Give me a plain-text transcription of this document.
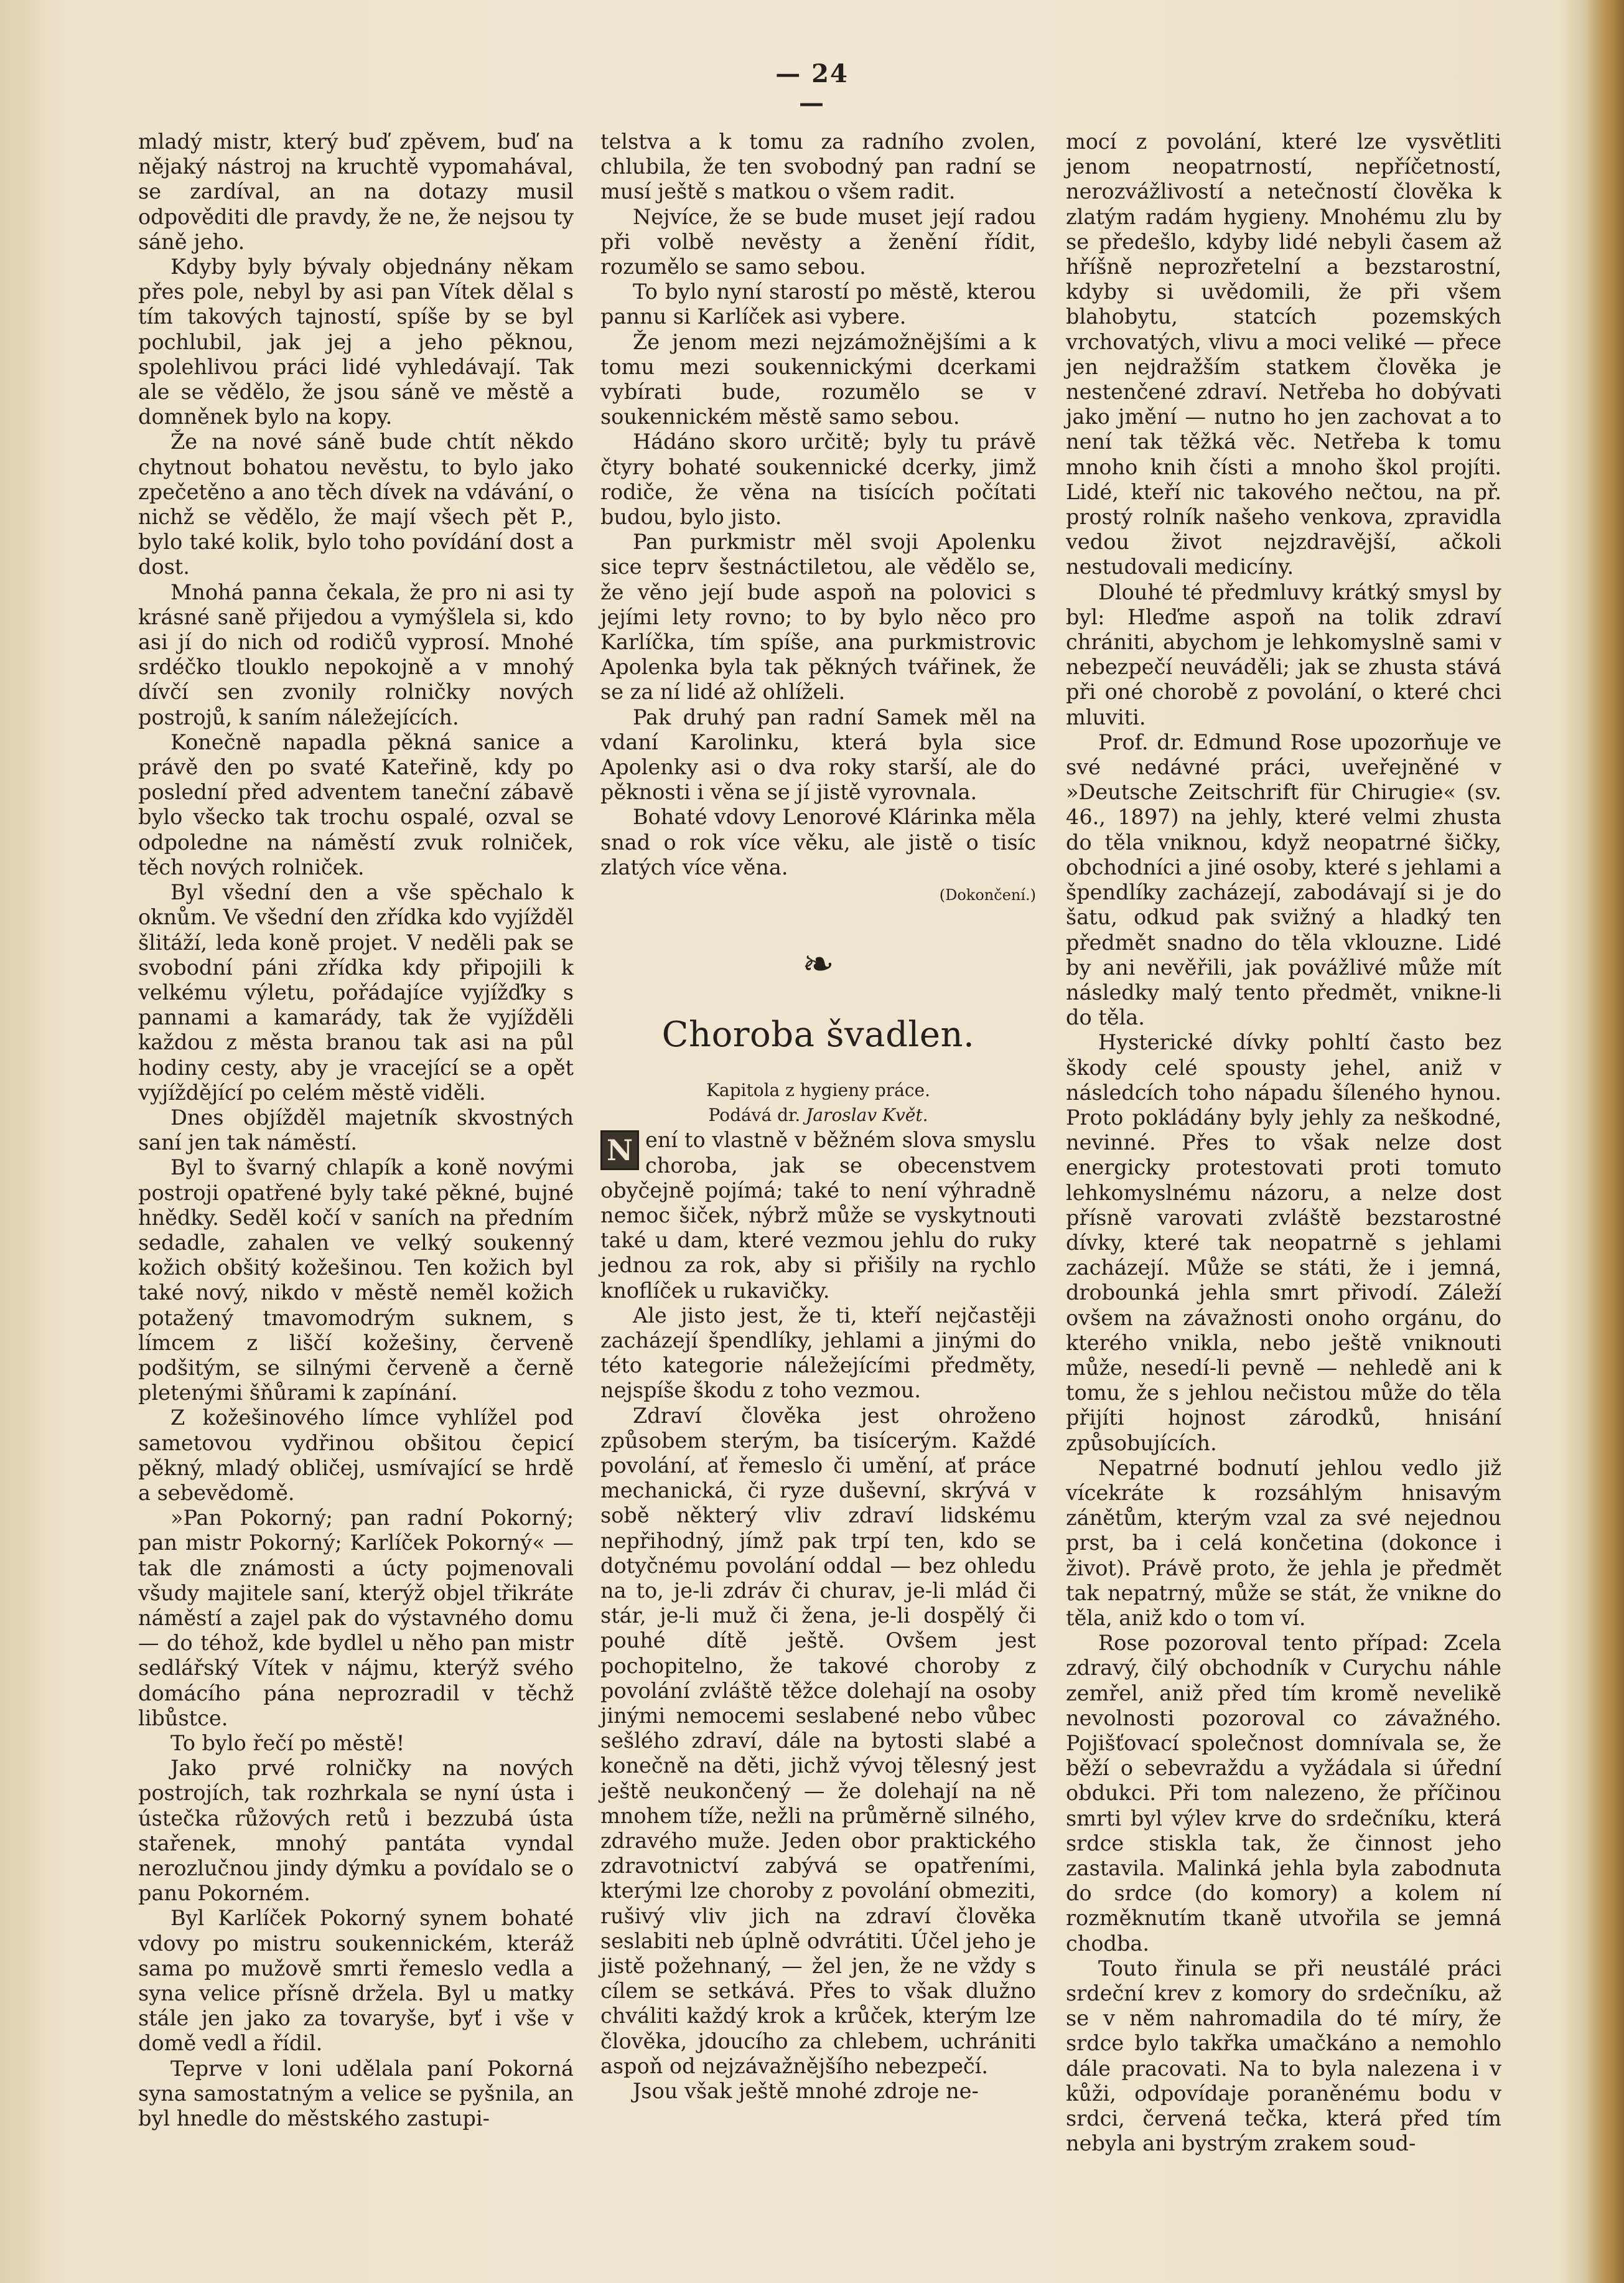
— 24 —

mladý mistr, který buď zpěvem, buď na nějaký nástroj na kruchtě vypomahával, se zardíval, an na dotazy musil odpověditi dle pravdy, že ne, že nejsou ty sáně jeho.

Kdyby byly bývaly objednány někam přes pole, nebyl by asi pan Vítek dělal s tím takových tajností, spíše by se byl pochlubil, jak jej a jeho pěknou, spolehlivou práci lidé vyhledávají. Tak ale se vědělo, že jsou sáně ve městě a domněnek bylo na kopy.

Že na nové sáně bude chtít někdo chytnout bohatou nevěstu, to bylo jako zpečetěno a ano těch dívek na vdávání, o nichž se vědělo, že mají všech pět P., bylo také kolik, bylo toho povídání dost a dost.

Mnohá panna čekala, že pro ni asi ty krásné saně přijedou a vymýšlela si, kdo asi jí do nich od rodičů vyprosí. Mnohé srdéčko tlouklo nepokojně a v mnohý dívčí sen zvonily rolničky nových postrojů, k saním náležejících.

Konečně napadla pěkná sanice a právě den po svaté Kateřině, kdy po poslední před adventem taneční zábavě bylo všecko tak trochu ospalé, ozval se odpoledne na náměstí zvuk rolniček, těch nových rolniček.

Byl všední den a vše spěchalo k oknům. Ve všední den zřídka kdo vyjížděl šlitáží, leda koně projet. V neděli pak se svobodní páni zřídka kdy připojili k velkému výletu, pořádajíce vyjížďky s pannami a kamarády, tak že vyjížděli každou z města branou tak asi na půl hodiny cesty, aby je vracející se a opět vyjíždějící po celém městě viděli.

Dnes objížděl majetník skvostných saní jen tak náměstí.

Byl to švarný chlapík a koně novými postroji opatřené byly také pěkné, bujné hnědky. Seděl kočí v saních na předním sedadle, zahalen ve velký soukenný kožich obšitý kožešinou. Ten kožich byl také nový, nikdo v městě neměl kožich potažený tmavomodrým suknem, s límcem z liščí kožešiny, červeně podšitým, se silnými červeně a černě pletenými šňůrami k zapínání.

Z kožešinového límce vyhlížel pod sametovou vydřinou obšitou čepicí pěkný, mladý obličej, usmívající se hrdě a sebevědomě.

»Pan Pokorný; pan radní Pokorný; pan mistr Pokorný; Karlíček Pokorný« — tak dle známosti a úcty pojmenovali všudy majitele saní, kterýž objel třikráte náměstí a zajel pak do výstavného domu — do téhož, kde bydlel u něho pan mistr sedlářský Vítek v nájmu, kterýž svého domácího pána neprozradil v těchž libůstce.

To bylo řečí po městě!

Jako prvé rolničky na nových postrojích, tak rozhrkala se nyní ústa i ústečka růžových retů i bezzubá ústa stařenek, mnohý pantáta vyndal nerozlučnou jindy dýmku a povídalo se o panu Pokorném.

Byl Karlíček Pokorný synem bohaté vdovy po mistru soukennickém, kteráž sama po mužově smrti řemeslo vedla a syna velice přísně držela. Byl u matky stále jen jako za tovaryše, byť i vše v domě vedl a řídil.

Teprve v loni udělala paní Pokorná syna samostatným a velice se pyšnila, an byl hnedle do městského zastupi-

telstva a k tomu za radního zvolen, chlubila, že ten svobodný pan radní se musí ještě s matkou o všem radit.

Nejvíce, že se bude muset její radou při volbě nevěsty a ženění řídit, rozumělo se samo sebou.

To bylo nyní starostí po městě, kterou pannu si Karlíček asi vybere.

Že jenom mezi nejzámožnějšími a k tomu mezi soukennickými dcerkami vybírati bude, rozumělo se v soukennickém městě samo sebou.

Hádáno skoro určitě; byly tu právě čtyry bohaté soukennické dcerky, jimž rodiče, že věna na tisících počítati budou, bylo jisto.

Pan purkmistr měl svoji Apolenku sice teprv šestnáctiletou, ale vědělo se, že věno její bude aspoň na polovici s jejími lety rovno; to by bylo něco pro Karlíčka, tím spíše, ana purkmistrovic Apolenka byla tak pěkných tvářinek, že se za ní lidé až ohlíželi.

Pak druhý pan radní Samek měl na vdaní Karolinku, která byla sice Apolenky asi o dva roky starší, ale do pěknosti i věna se jí jistě vyrovnala.

Bohaté vdovy Lenorové Klárinka měla snad o rok více věku, ale jistě o tisíc zlatých více věna.

(Dokončení.)
❧
Choroba švadlen.

Kapitola z hygieny práce.

Podává dr. Jaroslav Květ.

N ení to vlastně v běžném slova smyslu choroba, jak se obecenstvem obyčejně pojímá; také to není výhradně nemoc šiček, nýbrž může se vyskytnouti také u dam, které vezmou jehlu do ruky jednou za rok, aby si přišily na rychlo knoflíček u rukavičky.

Ale jisto jest, že ti, kteří nejčastěji zacházejí špendlíky, jehlami a jinými do této kategorie náležejícími předměty, nejspíše škodu z toho vezmou.

Zdraví člověka jest ohroženo způsobem sterým, ba tisícerým. Každé povolání, ať řemeslo či umění, ať práce mechanická, či ryze duševní, skrývá v sobě některý vliv zdraví lidskému nepřihodný, jímž pak trpí ten, kdo se dotyčnému povolání oddal — bez ohledu na to, je-li zdráv či churav, je-li mlád či stár, je-li muž či žena, je-li dospělý či pouhé dítě ještě. Ovšem jest pochopitelno, že takové choroby z povolání zvláště těžce dolehají na osoby jinými nemocemi seslabené nebo vůbec sešlého zdraví, dále na bytosti slabé a konečně na děti, jichž vývoj tělesný jest ještě neukončený — že dolehají na ně mnohem tíže, nežli na průměrně silného, zdravého muže. Jeden obor praktického zdravotnictví zabývá se opatřeními, kterými lze choroby z povolání obmeziti, rušivý vliv jich na zdraví člověka seslabiti neb úplně odvrátiti. Účel jeho je jistě požehnaný, — žel jen, že ne vždy s cílem se setkává. Přes to však dlužno chváliti každý krok a krůček, kterým lze člověka, jdoucího za chlebem, uchrániti aspoň od nejzávažnějšího nebezpečí.

Jsou však ještě mnohé zdroje ne-

mocí z povolání, které lze vysvětliti jenom neopatrností, nepříčetností, nerozvážlivostí a netečností člověka k zlatým radám hygieny. Mnohému zlu by se předešlo, kdyby lidé nebyli časem až hříšně neprozřetelní a bezstarostní, kdyby si uvědomili, že při všem blahobytu, statcích pozemských vrchovatých, vlivu a moci veliké — přece jen nejdražším statkem člověka je nestenčené zdraví. Netřeba ho dobývati jako jmění — nutno ho jen zachovat a to není tak těžká věc. Netřeba k tomu mnoho knih čísti a mnoho škol projíti. Lidé, kteří nic takového nečtou, na př. prostý rolník našeho venkova, zpravidla vedou život nejzdravější, ačkoli nestudovali medicíny.

Dlouhé té předmluvy krátký smysl by byl: Hleďme aspoň na tolik zdraví chrániti, abychom je lehkomyslně sami v nebezpečí neuváděli; jak se zhusta stává při oné chorobě z povolání, o které chci mluviti.

Prof. dr. Edmund Rose upozorňuje ve své nedávné práci, uveřejněné v »Deutsche Zeitschrift für Chirugie« (sv. 46., 1897) na jehly, které velmi zhusta do těla vniknou, když neopatrné šičky, obchodníci a jiné osoby, které s jehlami a špendlíky zacházejí, zabodávají si je do šatu, odkud pak svižný a hladký ten předmět snadno do těla vklouzne. Lidé by ani nevěřili, jak povážlivé může mít následky malý tento předmět, vnikne-li do těla.

Hysterické dívky pohltí často bez škody celé spousty jehel, aniž v následcích toho nápadu šíleného hynou. Proto pokládány byly jehly za neškodné, nevinné. Přes to však nelze dost energicky protestovati proti tomuto lehkomyslnému názoru, a nelze dost přísně varovati zvláště bezstarostné dívky, které tak neopatrně s jehlami zacházejí. Může se státi, že i jemná, drobounká jehla smrt přivodí. Záleží ovšem na závažnosti onoho orgánu, do kterého vnikla, nebo ještě vniknouti může, nesedí-li pevně — nehledě ani k tomu, že s jehlou nečistou může do těla přijíti hojnost zárodků, hnisání způsobujících.

Nepatrné bodnutí jehlou vedlo již vícekráte k rozsáhlým hnisavým zánětům, kterým vzal za své nejednou prst, ba i celá končetina (dokonce i život). Právě proto, že jehla je předmět tak nepatrný, může se stát, že vnikne do těla, aniž kdo o tom ví.

Rose pozoroval tento případ: Zcela zdravý, čilý obchodník v Curychu náhle zemřel, aniž před tím kromě nevelikě nevolnosti pozoroval co závažného. Pojišťovací společnost domnívala se, že běží o sebevraždu a vyžádala si úřední obdukci. Při tom nalezeno, že příčinou smrti byl výlev krve do srdečníku, která srdce stiskla tak, že činnost jeho zastavila. Malinká jehla byla zabodnuta do srdce (do komory) a kolem ní rozměknutím tkaně utvořila se jemná chodba.

Touto řinula se při neustálé práci srdeční krev z komory do srdečníku, až se v něm nahromadila do té míry, že srdce bylo takřka umačkáno a nemohlo dále pracovati. Na to byla nalezena i v kůži, odpovídaje poraněnému bodu v srdci, červená tečka, která před tím nebyla ani bystrým zrakem soud-
